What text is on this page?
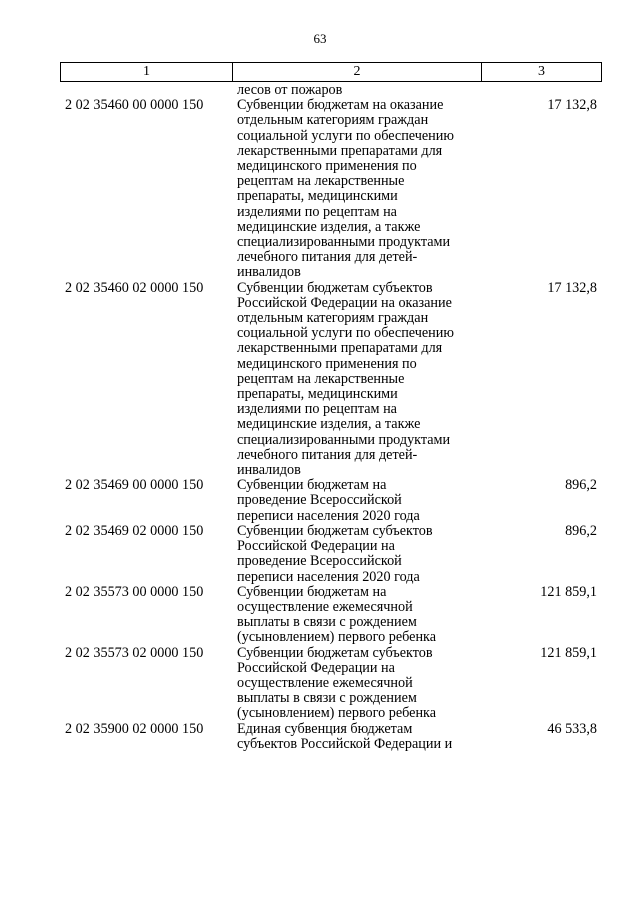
63
1	2	3
лесов от пожаров
2 02 35460 00 0000 150	Субвенции бюджетам на оказание
отдельным категориям граждан
социальной услуги по обеспечению
лекарственными препаратами для
медицинского применения по
рецептам на лекарственные
препараты, медицинскими
изделиями по рецептам на
медицинские изделия, а также
специализированными продуктами
лечебного питания для детей-
инвалидов
17 132,8
2 02 35460 02 0000 150	Субвенции бюджетам субъектов
Российской Федерации на оказание
отдельным категориям граждан
социальной услуги по обеспечению
лекарственными препаратами для
медицинского применения по
рецептам на лекарственные
препараты, медицинскими
изделиями по рецептам на
медицинские изделия, а также
специализированными продуктами
лечебного питания для детей-
инвалидов
17 132,8
2 02 35469 00 0000 150	Субвенции бюджетам на
проведение Всероссийской
переписи населения 2020 года
896,2
2 02 35469 02 0000 150	Субвенции бюджетам субъектов
Российской Федерации на
проведение Всероссийской
переписи населения 2020 года
896,2
2 02 35573 00 0000 150	Субвенции бюджетам на
осуществление ежемесячной
выплаты в связи с рождением
(усыновлением) первого ребенка
121 859,1
2 02 35573 02 0000 150	Субвенции бюджетам субъектов
Российской Федерации на
осуществление ежемесячной
выплаты в связи с рождением
(усыновлением) первого ребенка
121 859,1
2 02 35900 02 0000 150	Единая субвенция бюджетам
субъектов Российской Федерации и
46 533,8
